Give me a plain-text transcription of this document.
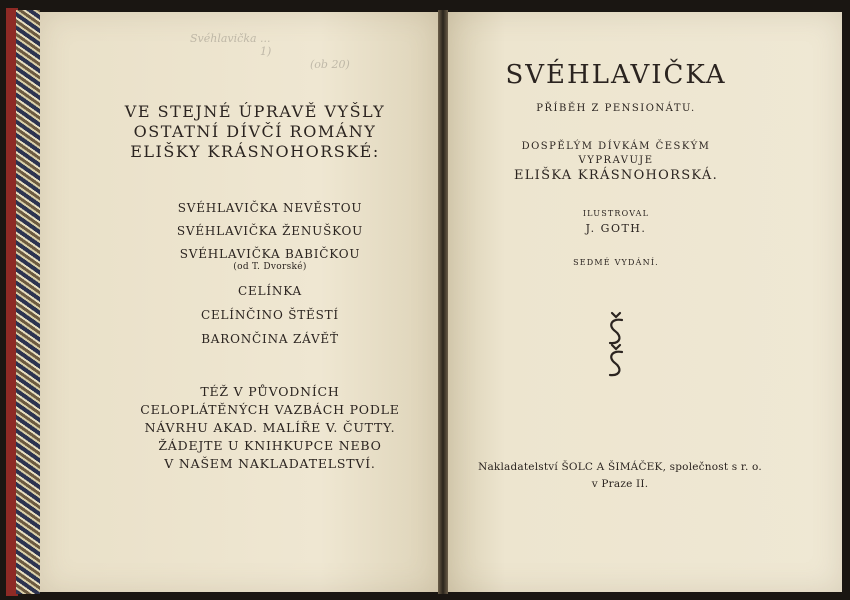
Svéhlavička ...
1)
(ob 20)
VE STEJNÉ ÚPRAVĚ VYŠLY
OSTATNÍ DÍVČÍ ROMÁNY
ELIŠKY KRÁSNOHORSKÉ:
SVÉHLAVIČKA NEVĚSTOU
SVÉHLAVIČKA ŽENUŠKOU
SVÉHLAVIČKA BABIČKOU
(od T. Dvorské)
CELÍNKA
CELÍNČINO ŠTĚSTÍ
BARONČINA ZÁVĚŤ
TÉŽ V PŮVODNÍCH
CELOPLÁTĚNÝCH VAZBÁCH PODLE
NÁVRHU AKAD. MALÍŘE V. ČUTTY.
ŽÁDEJTE U KNIHKUPCE NEBO
V NAŠEM NAKLADATELSTVÍ.
SVÉHLAVIČKA
PŘÍBĚH Z PENSIONÁTU.
DOSPĚLÝM DÍVKÁM ČESKÝM
VYPRAVUJE
ELIŠKA KRÁSNOHORSKÁ.
ILUSTROVAL
J. GOTH.
SEDMÉ VYDÁNÍ.
Nakladatelství ŠOLC A ŠIMÁČEK, společnost s r. o.
v Praze II.
